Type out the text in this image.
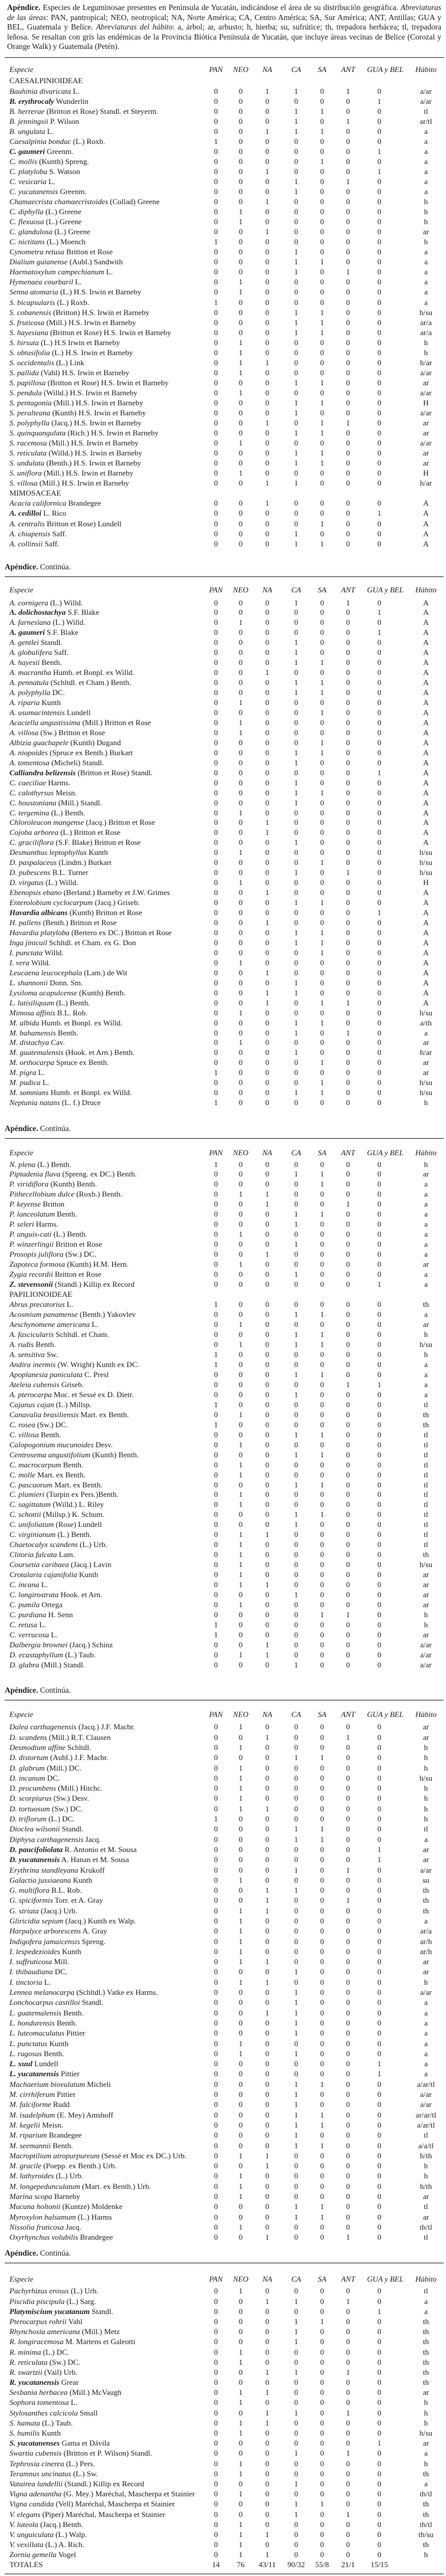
Apéndice. Especies de Leguminosae presentes en Península de Yucatán, indicándose el área de su distribución geográfica. Abreviaturas de las áreas: PAN, pantropical; NEO, neotropical; NA, Norte América; CA, Centro América; SA, Sur América; ANT, Antillas; GUA y BEL, Guatemala y Belice. Abreviaturas del hábito: a, árbol; ar, arbusto; h, hierba; su, sufrútice; th, trepadora herbácea; tl, trepadora leñosa. Se resaltan con gris las endémicas de la Provincia Biótica Península de Yucatán, que incluye áreas vecinas de Belice (Corozal y Orange Walk) y Guatemala (Petén).
Especie	PAN	NEO	NA	CA	SA	ANT	GUA y BEL	Hábito
CAESALPINIOIDEAE
Bauhinia divaricata L.	0	0	1	1	0	1	0	a/ar
B. erythrocaly Wunderlin	0	0	0	0	0	0	1	a/ar
B. herrerae (Britton et Rose) Standl. et Steyerm.	0	0	0	1	1	0	0	tl
B. jenningsii P. Wilson	0	0	0	1	0	1	0	ar/tl
B. ungulata L.	0	0	1	1	1	0	0	a
Caesalpinia bonduc (L.) Roxb.	1	0	0	0	0	0	0	a
C. gaumeri Greenm.	0	0	0	0	0	0	1	a
C. mollis (Kunth) Spreng.	0	0	0	0	1	0	0	a
C. platyloba S. Watson	0	0	1	0	0	0	1	a
C. vesicaria L.	0	0	0	1	0	1	0	a
C. yucatanensis Greenm.	0	0	0	1	0	0	0	a
Chamaecrista chamaecristoides (Collad) Greene	0	0	1	0	0	0	0	h
C. diphylla (L.) Greene	0	1	0	0	0	0	0	h
C. flexuosa (L.) Greene	0	1	0	0	0	0	0	h
C. glandulosa (L.) Greene	0	0	1	0	0	0	0	ar
C. nictitans (L.) Moench	1	0	0	0	0	0	0	h
Cynometra retusa Britton et Rose	0	0	0	1	0	0	0	a
Dialium guianense (Aubl.) Sandwith	0	0	0	1	1	0	0	a
Haematoxylum campechianum L.	0	0	0	1	0	1	0	a
Hymenaea courbaril L.	0	1	0	0	0	0	0	a
Senna atomaria (L.) H.S. Irwin et Barneby	0	1	0	0	0	0	0	a
S. bicapsularis (L.) Roxb.	1	0	0	0	0	0	0	a
S. cobanensis (Britton) H.S. Irwin et Barneby	0	0	0	1	1	0	0	h/su
S. fruticosa (Mill.) H.S. Irwin et Barneby	0	0	0	1	1	0	0	ar/a
S. hayesiana (Britton et Rose) H.S. Irwin et Barneby	0	0	0	1	1	0	0	ar/a
S. hirsuta (L.) H.S Irwin et Barneby	0	1	0	0	0	0	0	h
S. obtusifolia (L.) H.S. Irwin et Barneby	0	1	0	0	0	0	0	h
S. occidentalis (L.) Link	0	1	1	0	0	0	0	h/ar
S. pallida (Vahl) H.S. Irwin et Barneby	0	1	0	0	0	0	0	a/ar
S. papillosa (Britton et Rose) H.S. Irwin et Barneby	0	0	0	1	1	0	0	ar
S. pendula (Willd.) H.S. Irwin et Barneby	0	1	0	0	0	0	0	a/ar
S. pentagonia (Mill.) H.S. Irwin et Barneby	0	0	0	1	1	0	0	H
S. peralteana (Kunth) H.S. Irwin et Barneby	0	0	0	1	0	0	0	a/ar
S. polyphylla (Jacq.) H.S. Irwin et Barneby	0	0	1	0	1	1	0	ar
S. quinquangulata (Rich.) H.S. Irwin et Barneby	0	0	0	1	1	0	0	ar
S. racemosa (Mill.) H.S. Irwin et Barneby	0	1	0	0	0	0	0	a/ar
S. reticulata (Willd.) H.S. Irwin et Barneby	0	0	0	1	1	0	0	ar
S. undulata (Benth.) H.S. Irwin et Barneby	0	0	0	1	1	0	0	ar
S. uniflora (Mill.) H.S. Irwin et Barneby	0	1	0	0	0	0	0	H
S. villosa (Mill.) H.S. Irwin et Barneby	0	0	1	1	0	0	0	h/ar
MIMOSACEAE
Acacia californica Brandegee	0	0	1	0	0	0	0	A
A. cedilloi L. Rico	0	0	0	0	0	0	1	A
A. centralis Britton et Rose) Lundell	0	0	0	0	1	0	0	A
A. chiapensis Saff.	0	0	0	1	0	0	0	A
A. collinsii Saff.	0	0	0	1	1	0	0	A
Apéndice. Continúa.
Especie	PAN	NEO	NA	CA	SA	ANT	GUA y BEL	Hábito
A. cornigera (L.) Willd.	0	0	0	1	0	1	0	A
A. dolichostachya S.F. Blake	0	0	0	0	0	0	1	A
A. farnesiana (L.) Willd.	0	1	0	0	0	0	0	A
A. gaumeri S.F. Blake	0	0	0	0	0	0	1	A
A. gentlei Standl.	0	0	0	1	0	0	0	A
A. globulifera Saff.	0	0	0	1	0	0	0	A
A. hayesii Benth.	0	0	0	1	1	0	0	A
A. macrantha Humb. et Bonpl. ex Willd.	0	0	1	0	0	0	0	A
A. pennatula (Schltdl. et Cham.) Benth.	0	0	0	1	1	0	0	A
A. polyphylla DC.	0	0	0	1	1	0	0	A
A. riparia Kunth	0	1	0	0	0	0	0	A
A. usumacintensis Lundell	0	0	0	0	1	0	0	A
Acaciella angustissima (Mill.) Britton et Rose	0	1	0	0	0	0	0	A
A. villosa (Sw.) Britton et Rose	0	1	0	0	0	0	0	A
Albizia guachapele (Kunth) Dugand	0	0	0	0	1	0	0	A
A. niopoides (Spruce ex Benth.) Burkart	0	0	0	1	1	0	0	A
A. tomentosa (Micheli) Standl.	0	0	0	1	0	0	0	A
Calliandra belizensis (Britton et Rose) Standl.	0	0	0	0	0	0	1	A
C. caeciliae Harms.	0	0	0	1	0	0	0	A
C. calothyrsus Meisn.	0	0	0	1	1	0	0	A
C. houstoniana (Mill.) Standl.	0	0	0	1	0	0	0	A
C. tergemina (L.) Benth.	0	1	0	0	0	0	0	A
Chloroleucon mangense (Jacq.) Britton et Rose	0	0	1	0	0	0	0	A
Cojoba arborea (L.) Britton et Rose	0	0	1	0	0	0	0	A
C. graciliflora (S.F. Blake) Britton et Rose	0	0	0	1	0	0	0	A
Desmanthus leptophyllus Kunth	0	1	0	0	0	0	0	h/su
D. paspalaceus (Lindm.) Burkart	0	0	0	0	1	0	0	h/su
D. pubescens B.L. Turner	0	0	0	1	0	1	0	h/su
D. virgatus (L.) Willd.	0	1	0	0	0	0	0	H
Ebenopsis ebano (Berland.) Barneby et J.W. Grimes	0	0	1	0	0	0	0	A
Enterolobium cyclocarpum (Jacq.) Griseb.	0	0	0	1	1	0	0	A
Havardia albicans (Kunth) Britton et Rose	0	0	0	0	0	0	1	A
H. pallens (Benth.) Britton et Rose	0	0	1	0	0	0	0	A
Havardia platyloba (Bertero ex DC.) Britton et Rose	0	0	0	1	1	0	0	A
Inga jinicuil Schltdl. et Cham. ex G. Don	0	0	0	1	1	0	0	A
I. punctata Willd.	0	0	0	0	1	0	0	A
I. vera Willd.	0	1	0	0	0	0	0	A
Leucaena leucocephala (Lam.) de Wit	0	0	1	0	0	0	0	A
L. shannonii Donn. Sm.	0	0	0	1	0	0	0	A
Lysiloma acapulcense (Kunth) Benth.	0	0	1	1	0	0	0	A
L. latisiliquum (L.) Benth.	0	0	1	0	1	1	0	A
Mimosa affinis B.L. Rob.	0	1	0	0	0	0	0	h/su
M. albida Humb. et Bonpl. ex Willd.	0	0	0	1	1	0	0	a/th
M. bahamensis Benth.	0	0	0	1	0	1	0	a
M. distachya Cav.	0	1	0	0	0	0	0	ar
M. guatemalensis (Hook. et Arn.) Benth.	0	0	0	1	0	0	0	h/ar
M. orthocarpa Spruce ex Benth.	0	0	0	0	1	0	0	ar
M. pigra L.	1	0	0	0	0	0	0	ar
M. pudica L.	0	0	0	0	1	0	0	h/su
M. somnians Humb. et Bonpl. ex Willd.	0	0	0	1	1	0	0	h/su
Neptunia natans (L. f.) Druce	1	0	0	0	0	0	0	h
Apéndice. Continúa.
Especie	PAN	NEO	NA	CA	SA	ANT	GUA y BEL	Hábito
N. plena (L.) Benth.	1	0	0	0	0	0	0	h
Piptadenia flava (Spreng. ex DC.) Benth.	0	0	0	1	1	0	0	ar
P. viridiflora (Kunth) Benth.	0	0	0	0	1	0	0	a
Pithecellobium dulce (Roxb.) Benth.	0	1	1	0	0	0	0	a
P. keyense Britton	0	0	1	0	0	1	0	a
P. lanceolatum Benth.	0	0	0	1	1	0	0	a
P. seleri Harms.	0	0	0	1	0	0	0	a
P. unguis-cati (L.) Benth.	0	1	0	0	0	0	0	a
P. winzerlingii Britton et Rose	0	0	0	1	0	0	0	a
Prosopis juliflora (Sw.) DC.	0	0	1	0	0	0	0	a
Zapoteca formosa (Kunth) H.M. Hern.	0	1	0	0	0	0	0	ar
Zygia recordii Britton et Rose	0	0	0	1	0	0	0	a
Z. stevensonii (Standl.) Killip ex Record	0	0	0	0	0	0	1	a
PAPILIONOIDEAE
Abrus precatorius L.	1	0	0	0	0	0	0	th
Acosmium panamense (Benth.) Yakovlev	0	0	0	1	1	0	0	a
Aeschynomene americana L.	0	1	0	0	0	0	0	ar
A. fascicularis Schltdl. et Cham.	0	0	0	1	1	0	0	h
A. rudis Benth.	0	1	0	1	1	0	0	h/su
A. sensitiva Sw.	1	0	0	0	0	0	0	h
Andira inermis (W. Wright) Kunth ex DC.	1	0	0	0	0	0	0	a
Apoplanesia paniculata C. Presl	0	0	0	1	1	0	0	a
Ateleia cubensis Griseb.	0	0	0	0	0	1	1	a
A. pterocarpa Moc. et Sessé ex D. Dietr.	0	0	0	1	0	0	0	a
Cajanus cajan (L.) Millsp.	1	0	0	0	0	0	0	tl
Canavalia brasiliensis Mart. ex Benth.	0	1	0	0	0	0	0	th
C. rosea (Sw.) DC.	1	0	0	0	0	0	0	th
C. villosa Benth.	0	0	0	1	1	0	0	tl
Calopogonium mucunoides Desv.	0	1	0	0	0	0	0	tl
Centrosema angustifolium (Kunth) Benth.	0	0	0	1	1	0	0	tl
C. macrocarpum Benth.	0	1	0	0	0	0	0	tl
C. molle Mart. ex Benth.	0	1	0	0	0	0	0	tl
C. pascuorum Mart. ex Benth.	0	0	0	1	1	0	0	tl
C. plumieri (Turpin ex Pers.)Benth.	0	1	0	0	0	0	0	tl
C. sagittatum (Willd.) L. Riley	0	1	0	0	0	0	0	tl
C. schottii (Millsp.) K. Schum.	0	0	0	1	1	0	0	tl
C. unifoliatum (Rose) Lundell	0	0	0	1	0	0	0	tl
C. virginianum (L.) Benth.	0	1	1	0	0	0	0	tl
Chaetocalyx scandens (L.) Urb.	0	1	0	0	0	0	0	tl
Clitoria falcata Lam.	0	1	0	0	0	0	0	th
Coursetia caribaea (Jacq.) Lavin	0	1	0	0	0	0	0	h/su
Crotalaria cajanifolia Kunth	0	1	0	0	0	0	0	ar
C. incana L.	0	1	1	0	0	0	0	ar
C. longirostrata Hook. et Arn.	0	0	0	1	0	0	0	ar
C. pumila Ortega	0	1	0	0	0	0	0	ar
C. purdiana H. Senn	0	0	0	0	1	1	0	h
C. retusa L.	1	0	0	0	0	0	0	h
C. verrucosa L.	1	0	0	0	0	0	0	ar
Dalbergia brownei (Jacq.) Schinz	0	0	1	0	0	0	0	a/ar
D. ecastaphyllum (L.) Taub.	0	1	1	0	0	0	0	a/ar
D. glabra (Mill.) Standl.	0	0	0	1	0	0	0	a/ar
Apéndice. Continúa.
Especie	PAN	NEO	NA	CA	SA	ANT	GUA y BEL	Hábito
Dalea carthagenensis (Jacq.) J.F. Macbr.	0	1	0	0	0	0	0	ar
D. scandens (Mill.) R.T. Clausen	0	0	1	0	0	1	0	ar
Desmodium affine Schltdl.	0	1	0	0	0	0	0	h
D. distortum (Aubl.) J.F. Macbr.	0	0	0	1	1	0	0	h
D. glabrum (Mill.) DC.	0	1	0	0	0	0	0	h
D. incanum DC.	0	1	0	0	0	0	0	h/su
D. procumbens (Mill.) Hitchc.	0	1	0	0	0	0	0	h
D. scorpiurus (Sw.) Desv.	0	1	0	0	0	0	0	h
D. tortuosum (Sw.) DC.	0	1	1	0	0	0	0	h
D. triflorum (L.) DC.	1	0	0	0	0	0	0	h
Dioclea wilsonii Standl.	0	0	0	1	1	0	0	tl
Diphysa carthagenensis Jacq.	0	0	0	1	1	0	0	a
D. paucifoliolata R. Antonio et M. Sousa	0	0	0	0	0	0	1	ar
D. yucatanensis A. Hanan et M. Sousa	0	0	0	0	0	0	1	ar
Erythrina standleyana Krukoff	0	0	0	1	0	1	0	a/ar
Galactia jussiaeana Kunth	0	1	0	0	0	0	0	su
G. multiflora B.L. Rob.	0	0	1	1	0	0	0	th
G. spiciformis Torr. et A. Gray	0	0	1	0	0	1	0	th
G. striata (Jacq.) Urb.	0	1	1	0	0	0	0	th
Gliricidia sepium (Jacq.) Kunth ex Walp.	0	1	0	0	0	0	0	a
Harpalyce arborescens A. Gray	0	1	0	0	0	0	0	ar/a
Indigofera jamaicensis Spreng.	0	1	0	0	0	0	0	ar/h
I. lespedezioides Kunth	0	1	0	0	0	0	0	ar/h
I. suffruticosa Mill.	0	1	1	0	0	0	0	ar
I. thibaudiana DC.	0	0	0	1	0	0	0	ar
I. tinctoria L.	0	1	1	0	0	0	0	h
Lennea melanocarpa (Schltdl.) Vatke ex Harms.	0	0	0	1	0	0	0	a/ar
Lonchocarpus castilloi Standl.	0	0	0	1	0	0	0	a
L. guatemalensis Benth.	0	0	1	1	0	0	0	a
L. hondurensis Benth.	0	0	0	1	0	0	0	a
L. luteomaculatus Pittier	0	0	0	1	0	0	0	a
L. punctatus Kunth	0	1	0	0	0	0	0	a
L. rugosus Benth.	0	1	0	1	0	0	0	a
L. xuul Lundell	0	0	0	0	0	0	1	a
L. yucatanensis Pittier	0	0	0	0	0	0	1	a
Machaerium biovulatum Micheli	0	0	0	1	1	0	0	a/ar/tl
M. cirrhiferum Pittier	0	0	0	1	0	0	0	a/ar
M. falciforme Rudd	0	0	0	1	0	0	0	a/ar
M. isadelphum (E. Mey) Amshoff	0	0	0	1	1	0	0	ar/ar/tl
M. kegelii Meisn.	0	0	0	1	1	0	0	a/ar/tl
M. riparium Brandegee	0	0	0	1	0	0	0	tl
M. seemannii Benth.	0	0	0	1	1	0	0	a/a/tl
Macroptilium atropurpureum (Sessé et Moc ex DC.) Urb.	0	1	1	0	0	0	0	h/th
M. gracile (Poepp. ex Benth.) Urb.	0	0	1	0	0	0	0	h
M. lathyroides (L.) Urb.	0	1	0	0	0	0	0	h
M. longepedunculatum (Mart. ex Benth.) Urb.	0	1	0	0	0	0	0	h/th
Marina scopa Barneby	0	1	0	0	0	0	0	ar
Mucuna holtonii (Kuntze) Moldenke	0	0	0	1	1	0	0	tl
Myroxylon balsamum (L.) Harms	0	0	0	1	1	0	0	ar
Nissolia fruticosa Jacq.	0	1	0	0	0	0	0	th/tl
Oxyrhynchus volubilis Brandegee	0	0	1	0	0	1	0	tl
Apéndice. Continúa.
Especie	PAN	NEO	NA	CA	SA	ANT	GUA y BEL	Hábito
Pachyrhizus erosus (L.) Urb.	0	1	0	0	0	0	0	tl
Piscidia piscipula (L.) Sarg.	0	0	1	1	0	1	0	a
Platymiscium yucatanum Standl.	0	0	0	0	0	0	1	a
Pterocarpus rohrii Vahl	0	0	0	1	1	0	0	th
Rhynchosia americana (Mill.) Metz	0	0	0	1	0	0	0	th
R. longiracemosa M. Martens et Galeotti	0	0	0	1	0	0	0	th
R. minima (L.) DC.	0	1	0	0	0	0	0	th
R. reticulata (Sw.) DC.	0	1	0	0	0	0	0	th
R. swartzii (Vail) Urb.	0	0	1	1	0	1	0	th
R. yucatanensis Grear	0	0	0	0	0	0	0	th
Sesbania herbacea (Mill.) McVaugh	0	1	1	0	0	0	0	ar
Sophora tomentosa L.	0	1	0	0	0	0	0	h
Stylosanthes calcicola Small	0	0	1	1	0	1	0	h
S. hamata (L.) Taub.	0	1	1	0	0	0	0	h
S. humilis Kunth	0	1	0	0	0	0	0	h/su
S. yucatanenses Gama et Dávila	0	0	0	0	0	0	1	ar
Swartia cubensis (Britton et P. Wilson) Standl.	0	0	0	1	0	1	0	a
Tephrosia cinerea (L.) Pers.	0	1	0	0	0	0	0	h
Teramnus uncinatus (L.) Sw.	0	1	0	0	0	0	0	th
Vatairea lundellii (Standl.) Killip ex Record	0	0	0	1	0	0	0	a
Vigna adenantha (G. Mey.) Maréchal, Mascherpa et Stainier	0	1	0	0	0	0	0	th/tl
Vigna candida (Vell) Maréchal, Mascherpa et Stainier	0	0	0	1	1	0	0	th
V. elegans (Piper) Maréchal, Mascherpa et Stainier	0	0	0	1	0	1	0	th
V. luteola (Jacq.) Benth.	0	1	0	0	0	0	0	th/tl
V. unguiculata (L.) Walp.	0	1	1	0	0	0	0	th/su
V. vexillata (L.) A. Rich.	0	1	0	0	0	0	0	th
Zornia gemella Vogel	0	1	1	0	0	0	0	h
TOTALES	14	76	43/11	90/32	55/8	21/1	15/15
